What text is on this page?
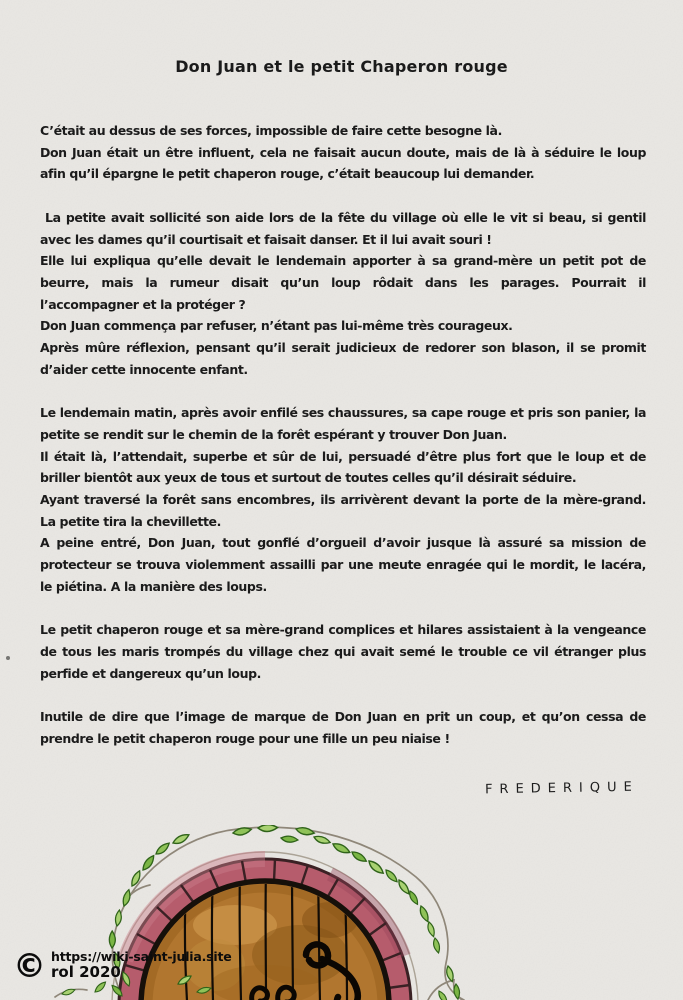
Don Juan et le petit Chaperon rouge

C’était au dessus de ses forces, impossible de faire cette besogne là.

Don Juan était un être influent, cela ne faisait aucun doute, mais de là à séduire le loup afin qu’il épargne le petit chaperon rouge, c’était beaucoup lui demander.

La petite avait sollicité son aide lors de la fête du village où elle le vit si beau, si gentil avec les dames qu’il courtisait et faisait danser. Et il lui avait souri !

Elle lui expliqua qu’elle devait le lendemain apporter à sa grand-mère un petit pot de beurre, mais la rumeur disait qu’un loup rôdait dans les parages. Pourrait il l’accompagner et la protéger ?

Don Juan commença par refuser, n’étant pas lui-même très courageux.

Après mûre réflexion, pensant qu’il serait judicieux de redorer son blason, il se promit d’aider cette innocente enfant.

Le lendemain matin, après avoir enfilé ses chaussures, sa cape rouge et pris son panier, la petite se rendit sur le chemin de la forêt espérant y trouver Don Juan.

Il était là, l’attendait, superbe et sûr de lui, persuadé d’être plus fort que le loup et de briller bientôt aux yeux de tous et surtout de toutes celles qu’il désirait séduire.

Ayant traversé la forêt sans encombres, ils arrivèrent devant la porte de la mère-grand. La petite tira la chevillette.

A peine entré, Don Juan, tout gonflé d’orgueil d’avoir jusque là assuré sa mission de protecteur se trouva violemment assailli par une meute enragée qui le mordit, le lacéra, le piétina. A la manière des loups.

Le petit chaperon rouge et sa mère-grand complices et hilares assistaient à la vengeance de tous les maris trompés du village chez qui avait semé le trouble ce vil étranger plus perfide et dangereux qu’un loup.

Inutile de dire que l’image de marque de Don Juan en prit un coup, et qu’on cessa de prendre le petit chaperon rouge pour une fille un peu niaise !

FREDERIQUE
© https://wiki-saint-julia.site
rol 2020
